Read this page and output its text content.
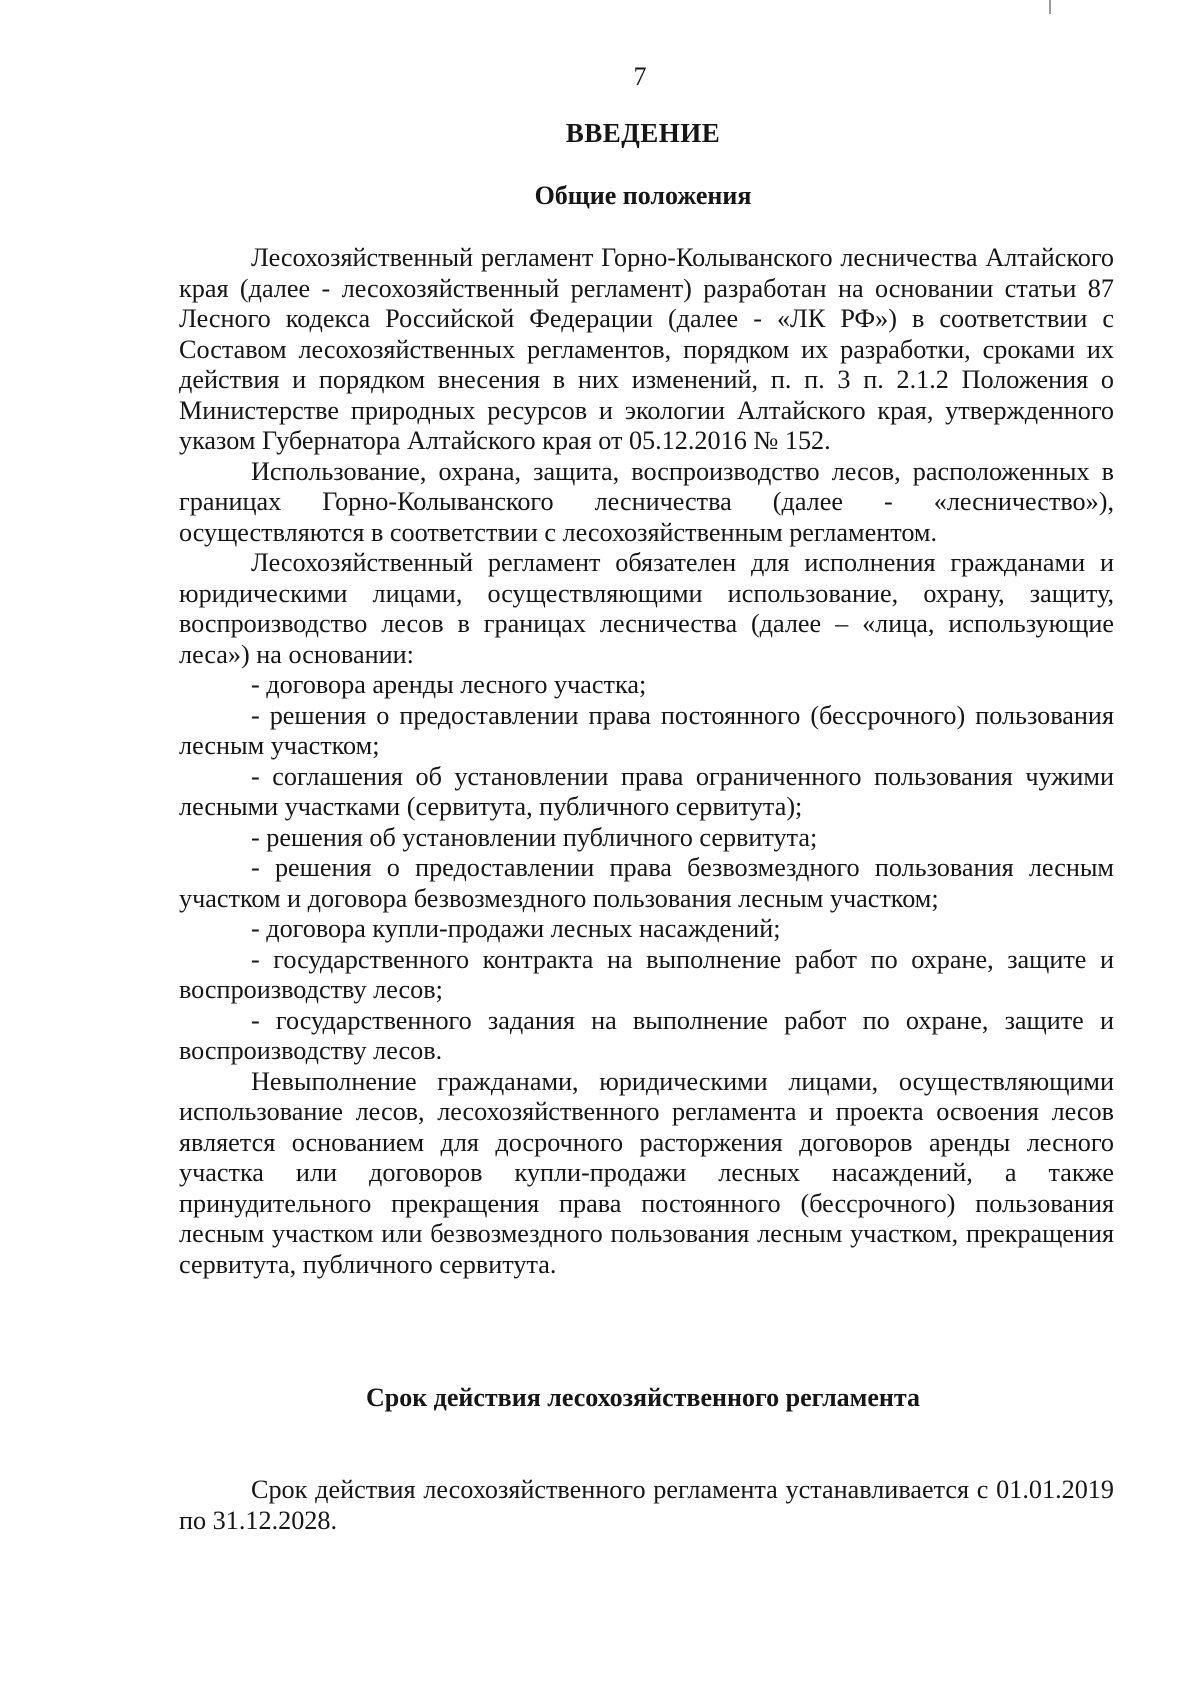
7
ВВЕДЕНИЕ
Общие положения

Лесохозяйственный регламент Горно-Колыванского лесничества Алтайского края (далее - лесохозяйственный регламент) разработан на основании статьи 87 Лесного кодекса Российской Федерации (далее - «ЛК РФ») в соответствии с Составом лесохозяйственных регламентов, порядком их разработки, сроками их действия и порядком внесения в них изменений, п. п. 3 п. 2.1.2 Положения о Министерстве природных ресурсов и экологии Алтайского края, утвержденного указом Губернатора Алтайского края от 05.12.2016 № 152.

Использование, охрана, защита, воспроизводство лесов, расположенных в границах Горно-Колыванского лесничества (далее - «лесничество»), осуществляются в соответствии с лесохозяйственным регламентом.

Лесохозяйственный регламент обязателен для исполнения гражданами и юридическими лицами, осуществляющими использование, охрану, защиту, воспроизводство лесов в границах лесничества (далее – «лица, использующие леса») на основании:

- договора аренды лесного участка;

- решения о предоставлении права постоянного (бессрочного) пользования лесным участком;

- соглашения об установлении права ограниченного пользования чужими лесными участками (сервитута, публичного сервитута);

- решения об установлении публичного сервитута;

- решения о предоставлении права безвозмездного пользования лесным участком и договора безвозмездного пользования лесным участком;

- договора купли-продажи лесных насаждений;

- государственного контракта на выполнение работ по охране, защите и воспроизводству лесов;

- государственного задания на выполнение работ по охране, защите и воспроизводству лесов.

Невыполнение гражданами, юридическими лицами, осуществляющими использование лесов, лесохозяйственного регламента и проекта освоения лесов является основанием для досрочного расторжения договоров аренды лесного участка или договоров купли-продажи лесных насаждений, а также принудительного прекращения права постоянного (бессрочного) пользования лесным участком или безвозмездного пользования лесным участком, прекращения сервитута, публичного сервитута.

Срок действия лесохозяйственного регламента

Срок действия лесохозяйственного регламента устанавливается с 01.01.2019 по 31.12.2028.
